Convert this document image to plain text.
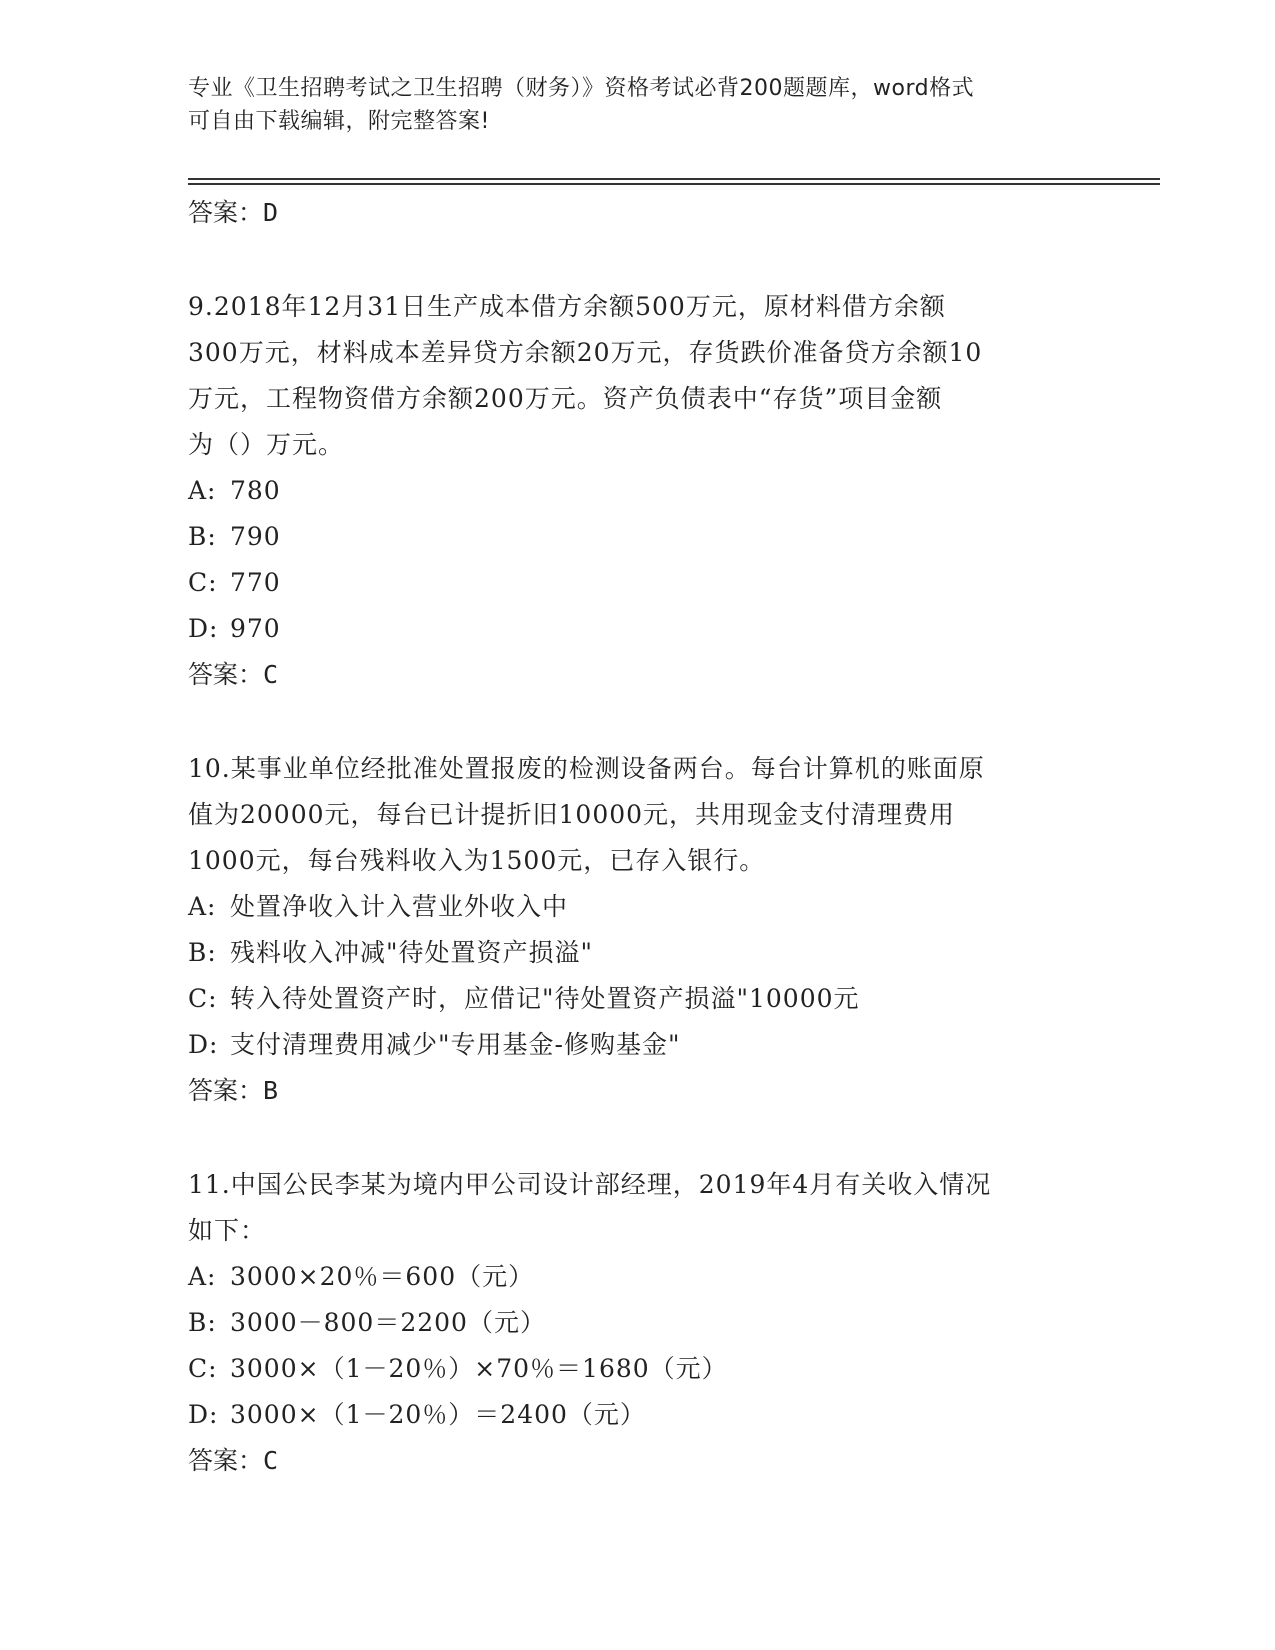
专业《卫生招聘考试之卫生招聘（财务）》资格考试必背200题题库，word格式
可自由下载编辑，附完整答案!
答案：D
9.2018年12月31日生产成本借方余额500万元，原材料借方余额
300万元，材料成本差异贷方余额20万元，存货跌价准备贷方余额10
万元，工程物资借方余额200万元。资产负债表中“存货”项目金额
为（）万元。
A: 780
B: 790
C: 770
D: 970
答案：C
10.某事业单位经批准处置报废的检测设备两台。每台计算机的账面原
值为20000元，每台已计提折旧10000元，共用现金支付清理费用
1000元，每台残料收入为1500元，已存入银行。
A: 处置净收入计入营业外收入中
B: 残料收入冲减"待处置资产损溢"
C: 转入待处置资产时，应借记"待处置资产损溢"10000元
D: 支付清理费用减少"专用基金-修购基金"
答案：B
11.中国公民李某为境内甲公司设计部经理，2019年4月有关收入情况
如下：
A: 3000×20％＝600（元）
B: 3000－800＝2200（元）
C: 3000×（1－20％）×70％＝1680（元）
D: 3000×（1－20％）＝2400（元）
答案：C
